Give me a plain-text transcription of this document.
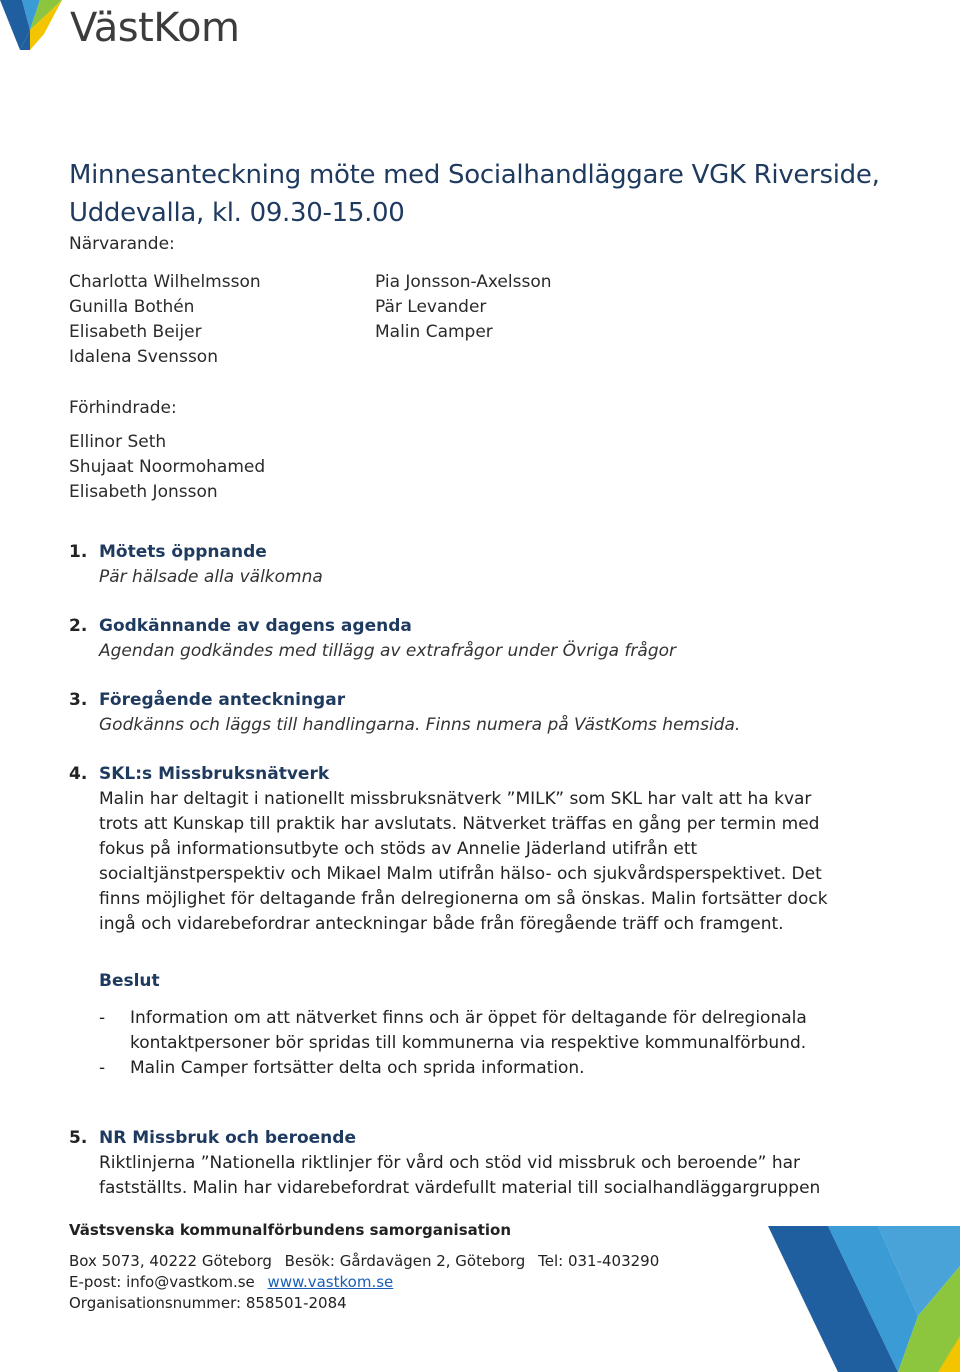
VästKom
Minnesanteckning möte med Socialhandläggare VGK Riverside, Uddevalla, kl. 09.30-15.00
Närvarande:
Charlotta Wilhelmsson
Gunilla Bothén
Elisabeth Beijer
Idalena Svensson
Pia Jonsson-Axelsson
Pär Levander
Malin Camper
Förhindrade:
Ellinor Seth
Shujaat Noormohamed
Elisabeth Jonsson
1. Mötets öppnande
Pär hälsade alla välkomna
2. Godkännande av dagens agenda
Agendan godkändes med tillägg av extrafrågor under Övriga frågor
3. Föregående anteckningar
Godkänns och läggs till handlingarna. Finns numera på VästKoms hemsida.
4. SKL:s Missbruksnätverk
Malin har deltagit i nationellt missbruksnätverk ”MILK” som SKL har valt att ha kvar trots att Kunskap till praktik har avslutats. Nätverket träffas en gång per termin med fokus på informationsutbyte och stöds av Annelie Jäderland utifrån ett socialtjänstperspektiv och Mikael Malm utifrån hälso- och sjukvårdsperspektivet. Det finns möjlighet för deltagande från delregionerna om så önskas. Malin fortsätter dock ingå och vidarebefordrar anteckningar både från föregående träff och framgent.
Beslut
- Information om att nätverket finns och är öppet för deltagande för delregionala kontaktpersoner bör spridas till kommunerna via respektive kommunalförbund.
- Malin Camper fortsätter delta och sprida information.
5. NR Missbruk och beroende
Riktlinjerna ”Nationella riktlinjer för vård och stöd vid missbruk och beroende” har fastställts. Malin har vidarebefordrat värdefullt material till socialhandläggargruppen
Västsvenska kommunalförbundens samorganisation
Box 5073, 40222 Göteborg Besök: Gårdavägen 2, Göteborg Tel: 031-403290
E-post: info@vastkom.se www.vastkom.se
Organisationsnummer: 858501-2084
